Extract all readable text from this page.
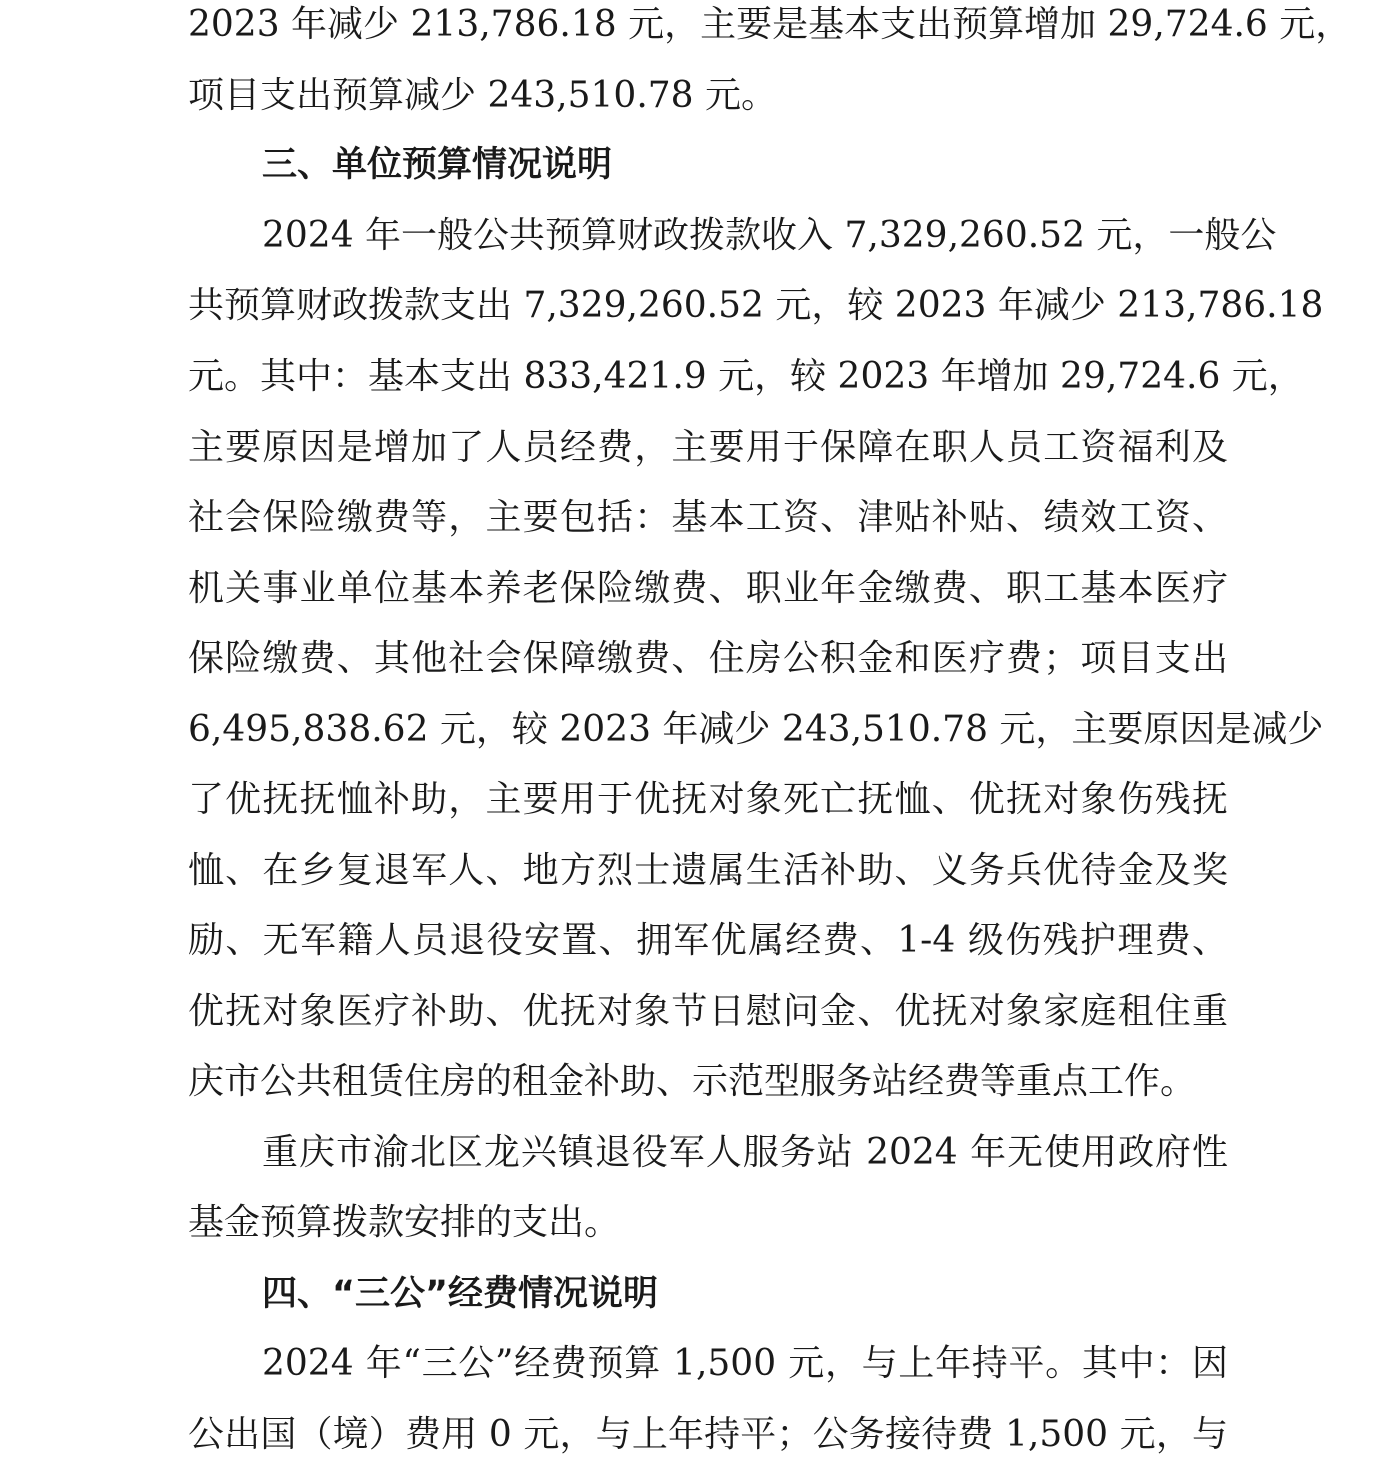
2023 年减少 213,786.18 元，主要是基本支出预算增加 29,724.6 元，
项目支出预算减少 243,510.78 元。
三、单位预算情况说明
2024 年一般公共预算财政拨款收入 7,329,260.52 元，一般公
共预算财政拨款支出 7,329,260.52 元，较 2023 年减少 213,786.18
元。其中：基本支出 833,421.9 元，较 2023 年增加 29,724.6 元，
主要原因是增加了人员经费，主要用于保障在职人员工资福利及
社会保险缴费等，主要包括：基本工资、津贴补贴、绩效工资、
机关事业单位基本养老保险缴费、职业年金缴费、职工基本医疗
保险缴费、其他社会保障缴费、住房公积金和医疗费；项目支出
6,495,838.62 元，较 2023 年减少 243,510.78 元，主要原因是减少
了优抚抚恤补助，主要用于优抚对象死亡抚恤、优抚对象伤残抚
恤、在乡复退军人、地方烈士遗属生活补助、义务兵优待金及奖
励、无军籍人员退役安置、拥军优属经费、1-4 级伤残护理费、
优抚对象医疗补助、优抚对象节日慰问金、优抚对象家庭租住重
庆市公共租赁住房的租金补助、示范型服务站经费等重点工作。
重庆市渝北区龙兴镇退役军人服务站 2024 年无使用政府性
基金预算拨款安排的支出。
四、“三公”经费情况说明
2024 年“三公”经费预算 1,500 元，与上年持平。其中：因
公出国（境）费用 0 元，与上年持平；公务接待费 1,500 元，与
